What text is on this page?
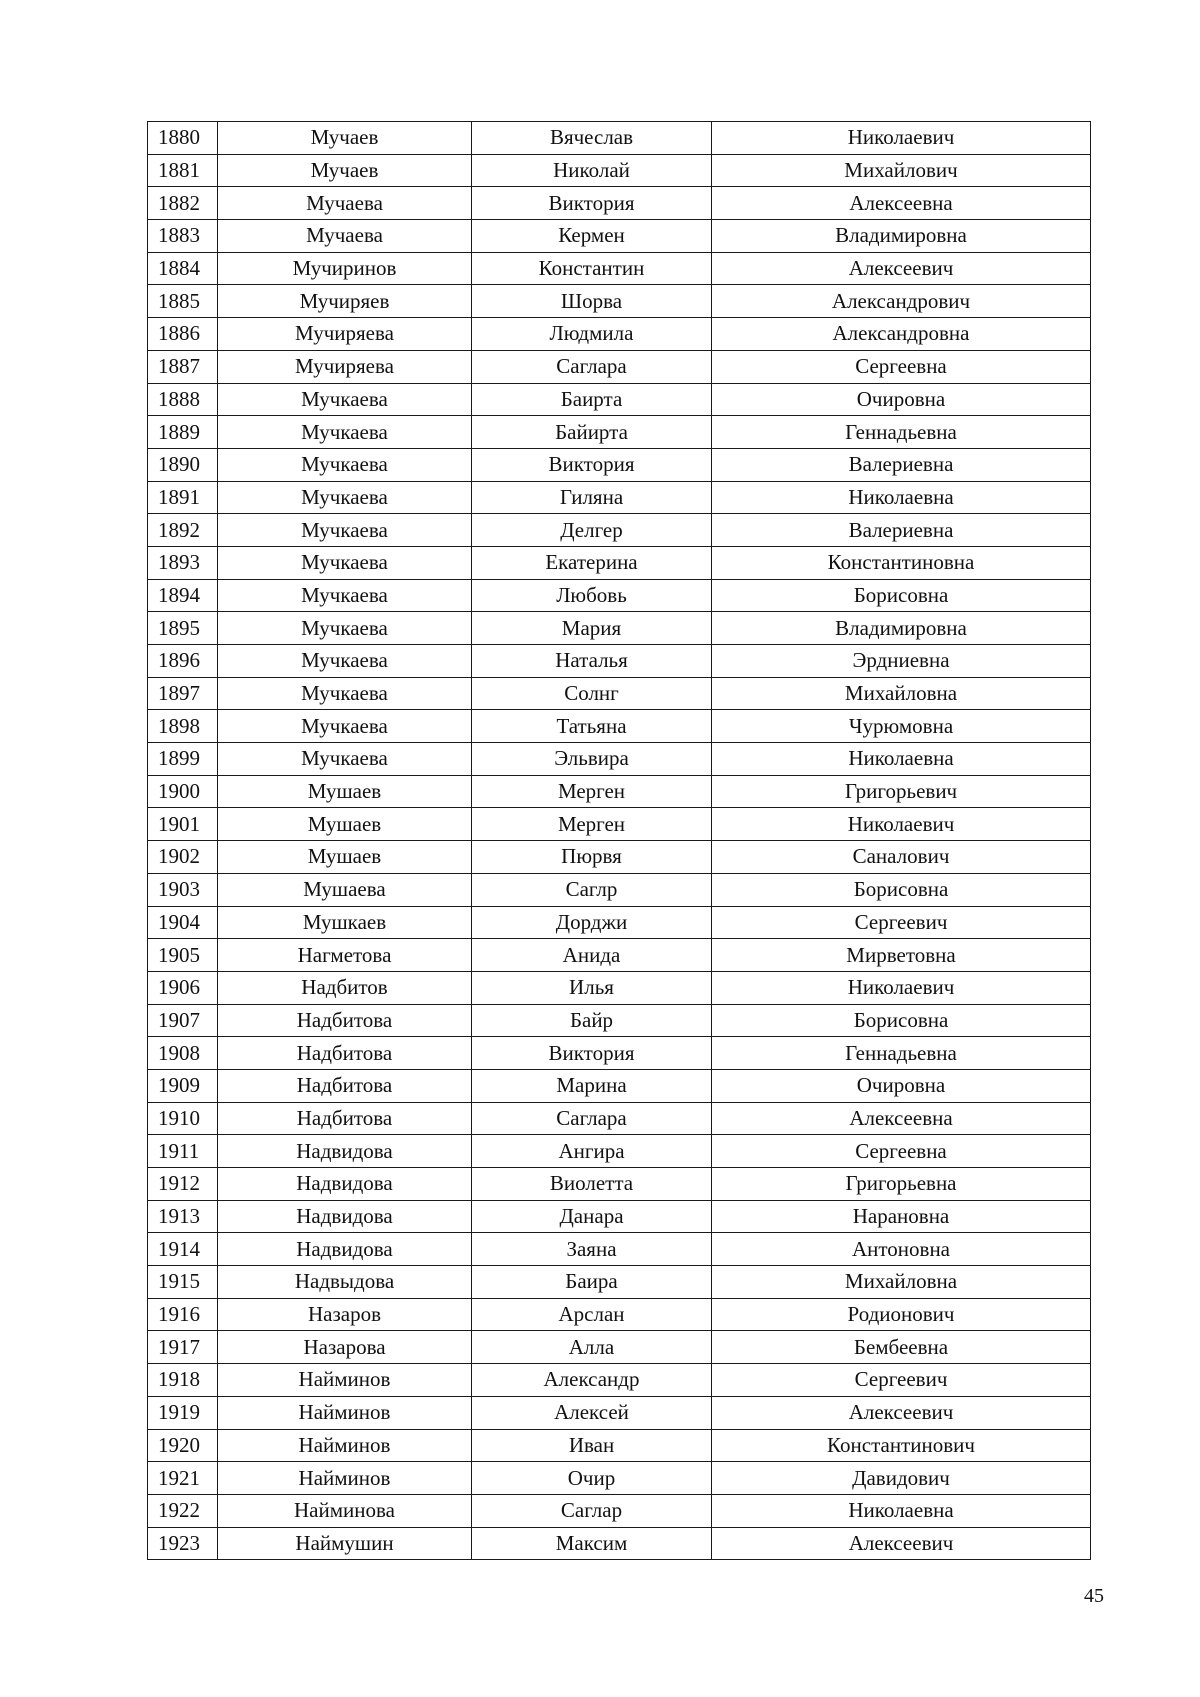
1880	Мучаев	Вячеслав	Николаевич
1881	Мучаев	Николай	Михайлович
1882	Мучаева	Виктория	Алексеевна
1883	Мучаева	Кермен	Владимировна
1884	Мучиринов	Константин	Алексеевич
1885	Мучиряев	Шорва	Александрович
1886	Мучиряева	Людмила	Александровна
1887	Мучиряева	Саглара	Сергеевна
1888	Мучкаева	Баирта	Очировна
1889	Мучкаева	Байирта	Геннадьевна
1890	Мучкаева	Виктория	Валериевна
1891	Мучкаева	Гиляна	Николаевна
1892	Мучкаева	Делгер	Валериевна
1893	Мучкаева	Екатерина	Константиновна
1894	Мучкаева	Любовь	Борисовна
1895	Мучкаева	Мария	Владимировна
1896	Мучкаева	Наталья	Эрдниевна
1897	Мучкаева	Солнг	Михайловна
1898	Мучкаева	Татьяна	Чурюмовна
1899	Мучкаева	Эльвира	Николаевна
1900	Мушаев	Мерген	Григорьевич
1901	Мушаев	Мерген	Николаевич
1902	Мушаев	Пюрвя	Саналович
1903	Мушаева	Саглр	Борисовна
1904	Мушкаев	Дорджи	Сергеевич
1905	Нагметова	Анида	Мирветовна
1906	Надбитов	Илья	Николаевич
1907	Надбитова	Байр	Борисовна
1908	Надбитова	Виктория	Геннадьевна
1909	Надбитова	Марина	Очировна
1910	Надбитова	Саглара	Алексеевна
1911	Надвидова	Ангира	Сергеевна
1912	Надвидова	Виолетта	Григорьевна
1913	Надвидова	Данара	Нарановна
1914	Надвидова	Заяна	Антоновна
1915	Надвыдова	Баира	Михайловна
1916	Назаров	Арслан	Родионович
1917	Назарова	Алла	Бембеевна
1918	Найминов	Александр	Сергеевич
1919	Найминов	Алексей	Алексеевич
1920	Найминов	Иван	Константинович
1921	Найминов	Очир	Давидович
1922	Найминова	Саглар	Николаевна
1923	Наймушин	Максим	Алексеевич
45
